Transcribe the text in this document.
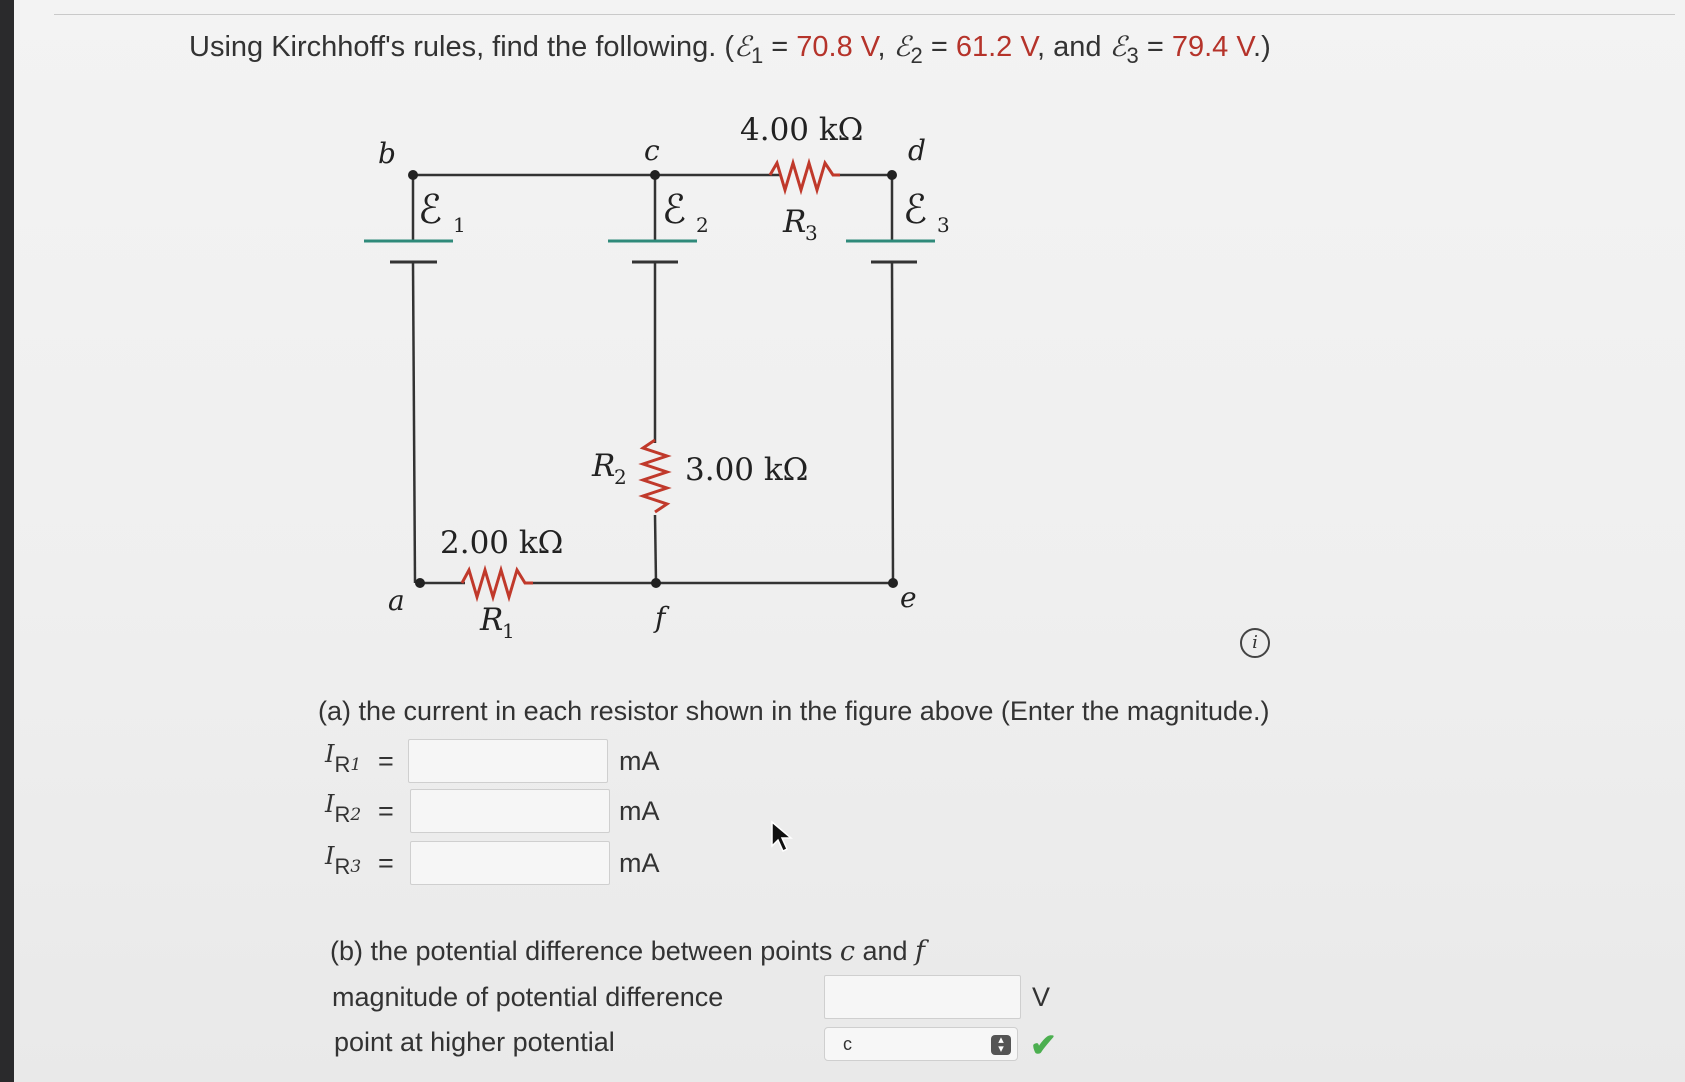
Using Kirchhoff's rules, find the following. (ℰ$_1$ = 70.8 V, ℰ$_2$ = 61.2 V, and ℰ$_3$ = 79.4 V.)
b	c	d
a
f
e
ℰ 1	ℰ 2	ℰ 3
4.00 kΩ
R
3
3.00 kΩ
R
2
2.00 kΩ
R
1	i
(a) the current in each resistor shown in the figure above (Enter the magnitude.)
$IR_1$ =	mA
$IR_2$ =	mA
$IR_3$ =	mA
(b) the potential difference between points c and f
magnitude of potential difference	V
point at higher potential	c	▴
▾ ✔
